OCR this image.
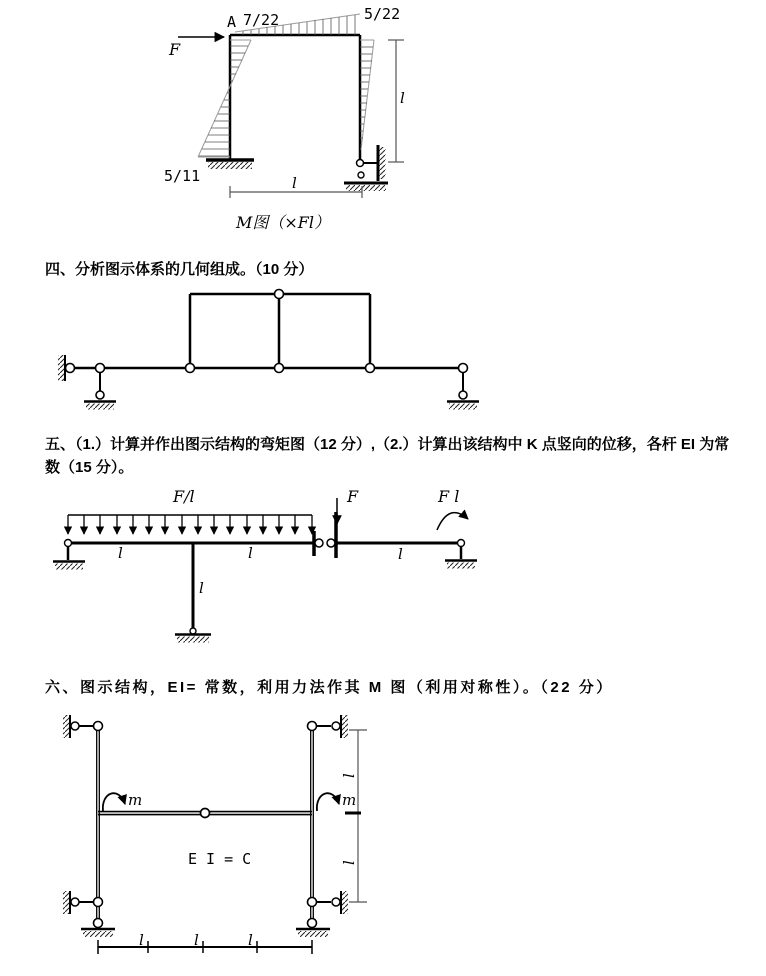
F
A 7/22	5/22
5/11
l
l
M图（×Fl）
四、分析图示体系的几何组成。（10 分）
五、（1.）计算并作出图示结构的弯矩图（12 分）,（2.）计算出该结构中 K 点竖向的位移，各杆 EI 为常数（15 分）。
F/l
l
F	F l
l	l	l
六、图示结构，EI= 常数，利用力法作其 M 图（利用对称性）。（22 分）
m	m
E I = C
l
l
l	l	l
